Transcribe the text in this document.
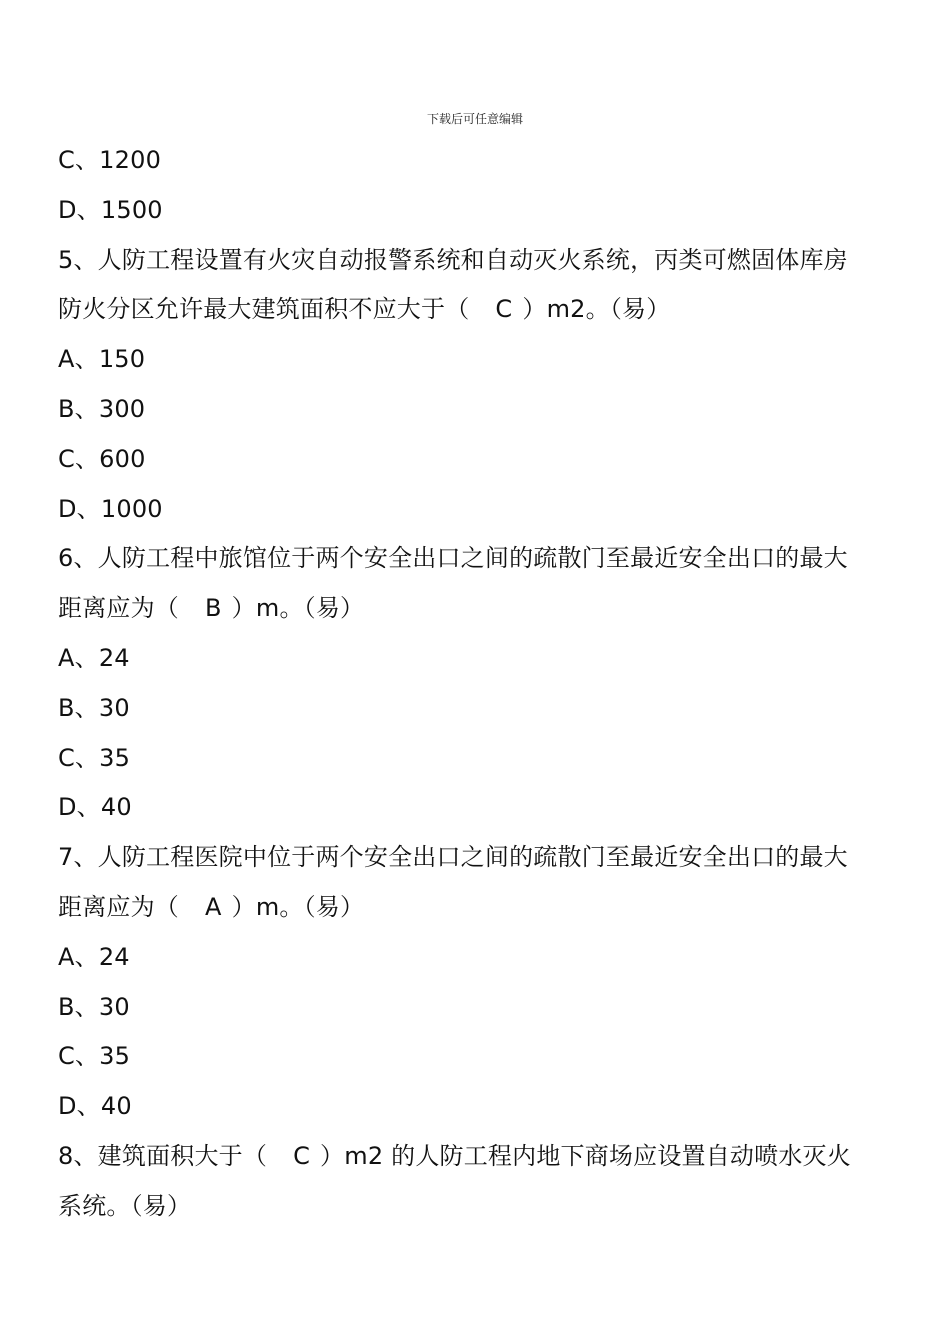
下载后可任意编辑
C、1200
D、1500
5、人防工程设置有火灾自动报警系统和自动灭火系统，丙类可燃固体库房
防火分区允许最大建筑面积不应大于（ C ）m2。（易）
A、150
B、300
C、600
D、1000
6、人防工程中旅馆位于两个安全出口之间的疏散门至最近安全出口的最大
距离应为（ B ）m。（易）
A、24
B、30
C、35
D、40
7、人防工程医院中位于两个安全出口之间的疏散门至最近安全出口的最大
距离应为（ A ）m。（易）
A、24
B、30
C、35
D、40
8、建筑面积大于（ C ）m2 的人防工程内地下商场应设置自动喷水灭火
系统。（易）
